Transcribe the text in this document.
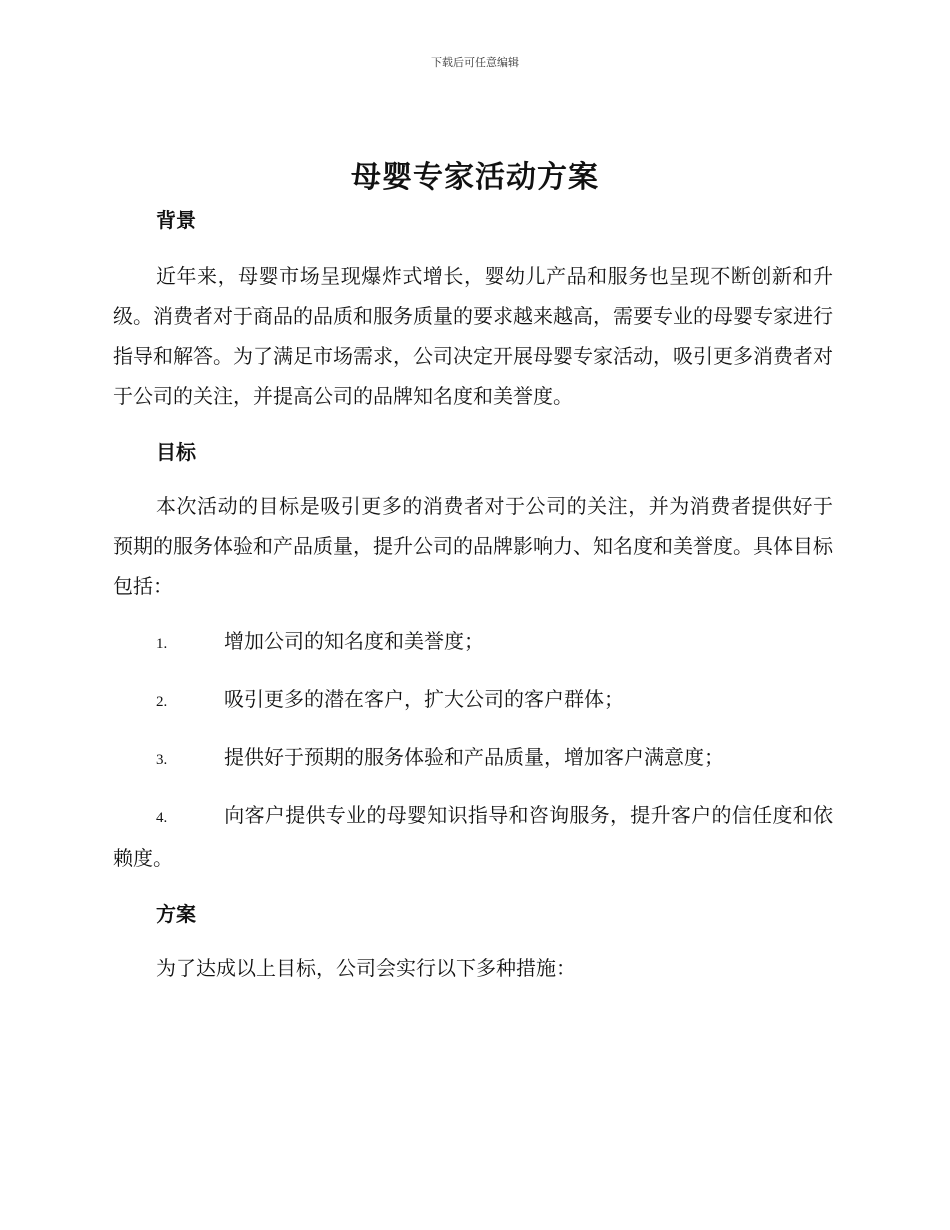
下载后可任意编辑
母婴专家活动方案
背景

近年来，母婴市场呈现爆炸式增长，婴幼儿产品和服务也呈现不断创新和升级。消费者对于商品的品质和服务质量的要求越来越高，需要专业的母婴专家进行指导和解答。为了满足市场需求，公司决定开展母婴专家活动，吸引更多消费者对于公司的关注，并提高公司的品牌知名度和美誉度。

目标

本次活动的目标是吸引更多的消费者对于公司的关注，并为消费者提供好于预期的服务体验和产品质量，提升公司的品牌影响力、知名度和美誉度。具体目标包括：

1.	增加公司的知名度和美誉度；
2.	吸引更多的潜在客户，扩大公司的客户群体；
3.	提供好于预期的服务体验和产品质量，增加客户满意度；
4.	向客户提供专业的母婴知识指导和咨询服务，提升客户的信任度和依赖度。
方案

为了达成以上目标，公司会实行以下多种措施：
